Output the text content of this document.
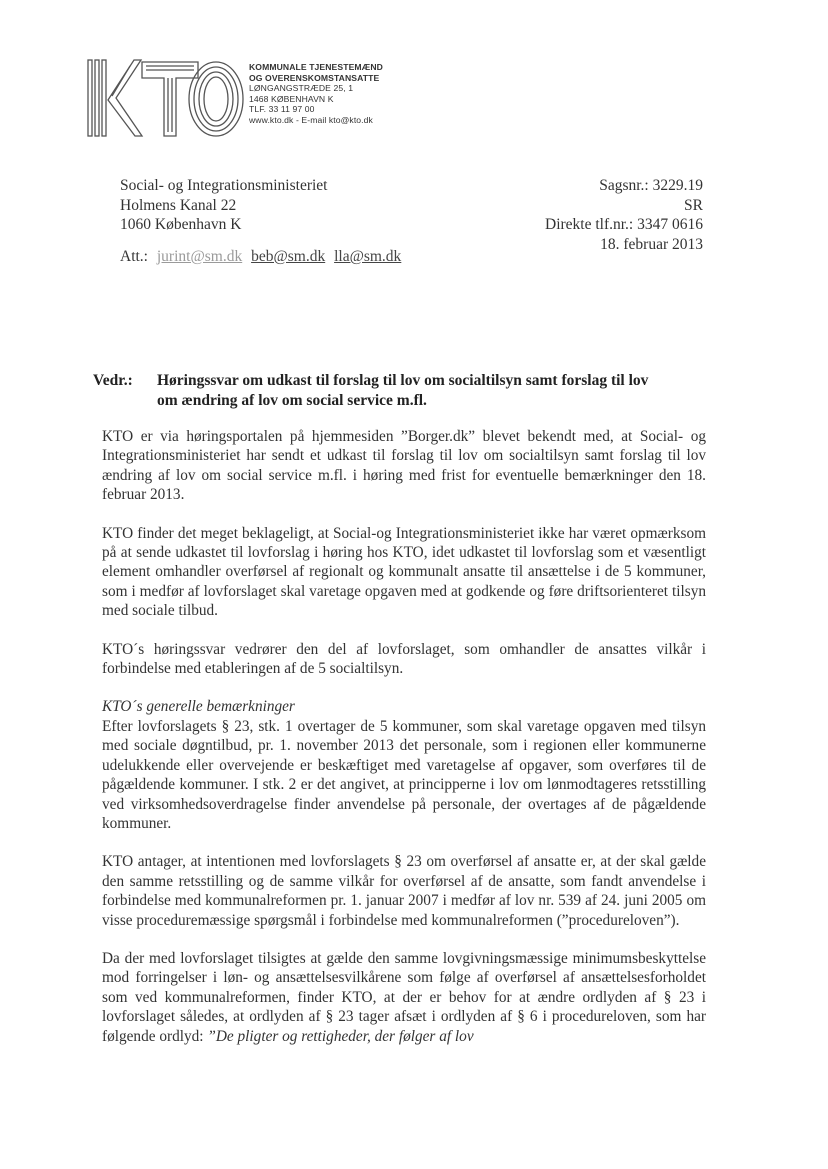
KOMMUNALE TJENESTEMÆND
OG OVERENSKOMSTANSATTE
LØNGANGSTRÆDE 25, 1
1468 KØBENHAVN K
TLF. 33 11 97 00
www.kto.dk - E-mail kto@kto.dk
Social- og Integrationsministeriet
Holmens Kanal 22
1060 København K
Sagsnr.: 3229.19
SR
Direkte tlf.nr.: 3347 0616
18. februar 2013
Att.: jurint@sm.dk beb@sm.dk lla@sm.dk
Vedr.: Høringssvar om udkast til forslag til lov om socialtilsyn samt forslag til lov
om ændring af lov om social service m.fl.

KTO er via høringsportalen på hjemmesiden ”Borger.dk” blevet bekendt med, at Social- og Integrationsministeriet har sendt et udkast til forslag til lov om socialtilsyn samt forslag til lov ændring af lov om social service m.fl. i høring med frist for eventuelle bemærkninger den 18. februar 2013.

KTO finder det meget beklageligt, at Social-og Integrationsministeriet ikke har været opmærksom på at sende udkastet til lovforslag i høring hos KTO, idet udkastet til lovforslag som et væsentligt element omhandler overførsel af regionalt og kommunalt ansatte til ansættelse i de 5 kommuner, som i medfør af lovforslaget skal varetage opgaven med at godkende og føre driftsorienteret tilsyn med sociale tilbud.

KTO´s høringssvar vedrører den del af lovforslaget, som omhandler de ansattes vilkår i forbindelse med etableringen af de 5 socialtilsyn.

KTO´s generelle bemærkninger

Efter lovforslagets § 23, stk. 1 overtager de 5 kommuner, som skal varetage opgaven med tilsyn med sociale døgntilbud, pr. 1. november 2013 det personale, som i regionen eller kommunerne udelukkende eller overvejende er beskæftiget med varetagelse af opgaver, som overføres til de pågældende kommuner. I stk. 2 er det angivet, at principperne i lov om lønmodtageres retsstilling ved virksomhedsoverdragelse finder anvendelse på personale, der overtages af de pågældende kommuner.

KTO antager, at intentionen med lovforslagets § 23 om overførsel af ansatte er, at der skal gælde den samme retsstilling og de samme vilkår for overførsel af de ansatte, som fandt anvendelse i forbindelse med kommunalreformen pr. 1. januar 2007 i medfør af lov nr. 539 af 24. juni 2005 om visse proceduremæssige spørgsmål i forbindelse med kommunalreformen (”procedureloven”).

Da der med lovforslaget tilsigtes at gælde den samme lovgivningsmæssige minimumsbeskyttelse mod forringelser i løn- og ansættelsesvilkårene som følge af overførsel af ansættelsesforholdet som ved kommunalreformen, finder KTO, at der er behov for at ændre ordlyden af § 23 i lovforslaget således, at ordlyden af § 23 tager afsæt i ordlyden af § 6 i procedureloven, som har følgende ordlyd: ”De pligter og rettigheder, der følger af lov
